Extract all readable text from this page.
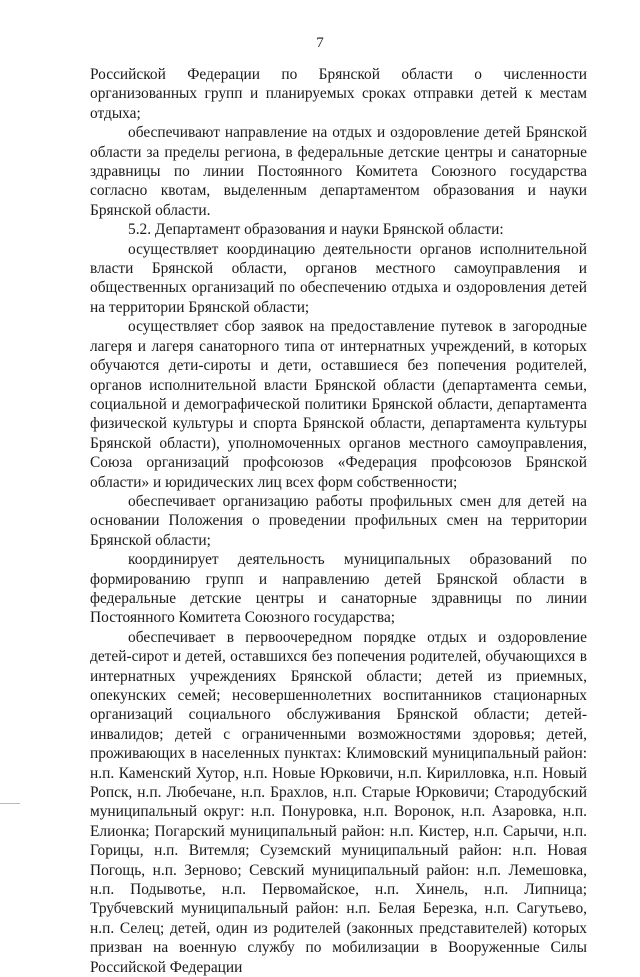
7

Российской Федерации по Брянской области о численности организованных групп и планируемых сроках отправки детей к местам отдыха;

обеспечивают направление на отдых и оздоровление детей Брянской области за пределы региона, в федеральные детские центры и санаторные здравницы по линии Постоянного Комитета Союзного государства согласно квотам, выделенным департаментом образования и науки Брянской области.

5.2. Департамент образования и науки Брянской области:

осуществляет координацию деятельности органов исполнительной власти Брянской области, органов местного самоуправления и общественных организаций по обеспечению отдыха и оздоровления детей на территории Брянской области;

осуществляет сбор заявок на предоставление путевок в загородные лагеря и лагеря санаторного типа от интернатных учреждений, в которых обучаются дети-сироты и дети, оставшиеся без попечения родителей, органов исполнительной власти Брянской области (департамента семьи, социальной и демографической политики Брянской области, департамента физической культуры и спорта Брянской области, департамента культуры Брянской области), уполномоченных органов местного самоуправления, Союза организаций профсоюзов «Федерация профсоюзов Брянской области» и юридических лиц всех форм собственности;

обеспечивает организацию работы профильных смен для детей на основании Положения о проведении профильных смен на территории Брянской области;

координирует деятельность муниципальных образований по формированию групп и направлению детей Брянской области в федеральные детские центры и санаторные здравницы по линии Постоянного Комитета Союзного государства;

обеспечивает в первоочередном порядке отдых и оздоровление детей-сирот и детей, оставшихся без попечения родителей, обучающихся в интернатных учреждениях Брянской области; детей из приемных, опекунских семей; несовершеннолетних воспитанников стационарных организаций социального обслуживания Брянской области; детей-инвалидов; детей с ограниченными возможностями здоровья; детей, проживающих в населенных пунктах: Климовский муниципальный район: н.п. Каменский Хутор, н.п. Новые Юрковичи, н.п. Кирилловка, н.п. Новый Ропск, н.п. Любечане, н.п. Брахлов, н.п. Старые Юрковичи; Стародубский муниципальный округ: н.п. Понуровка, н.п. Воронок, н.п. Азаровка, н.п. Елионка; Погарский муниципальный район: н.п. Кистер, н.п. Сарычи, н.п. Горицы, н.п. Витемля; Суземский муниципальный район: н.п. Новая Погощь, н.п. Зерново; Севский муниципальный район: н.п. Лемешовка, н.п. Подывотье, н.п. Первомайское, н.п. Хинель, н.п. Липница; Трубчевский муниципальный район: н.п. Белая Березка, н.п. Сагутьево, н.п. Селец; детей, один из родителей (законных представителей) которых призван на военную службу по мобилизации в Вооруженные Силы Российской Федерации
